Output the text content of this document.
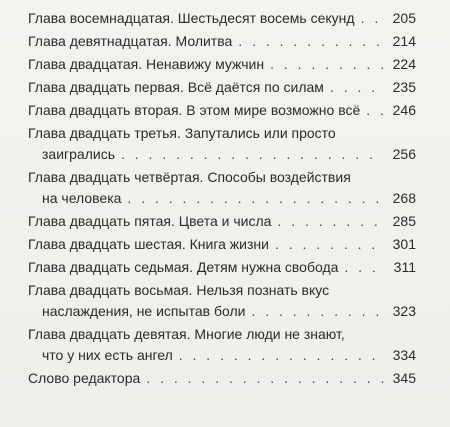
Глава восемнадцатая. Шестьдесят восемь секунд . . .	205
Глава девятнадцатая. Молитва . . .	214
Глава двадцатая. Ненавижу мужчин . . .	224
Глава двадцать первая. Всё даётся по силам . . .	235
Глава двадцать вторая. В этом мире возможно всё . . . 246
Глава двадцать третья. Запутались или просто
заигрались . . .	256
Глава двадцать четвёртая. Способы воздействия
на человека . . .	268
Глава двадцать пятая. Цвета и числа . . .	285
Глава двадцать шестая. Книга жизни . . .	301
Глава двадцать седьмая. Детям нужна свобода . . .	311
Глава двадцать восьмая. Нельзя познать вкус
наслаждения, не испытав боли . . .	323
Глава двадцать девятая. Многие люди не знают,
что у них есть ангел . . .	334
Слово редактора . . .	345
